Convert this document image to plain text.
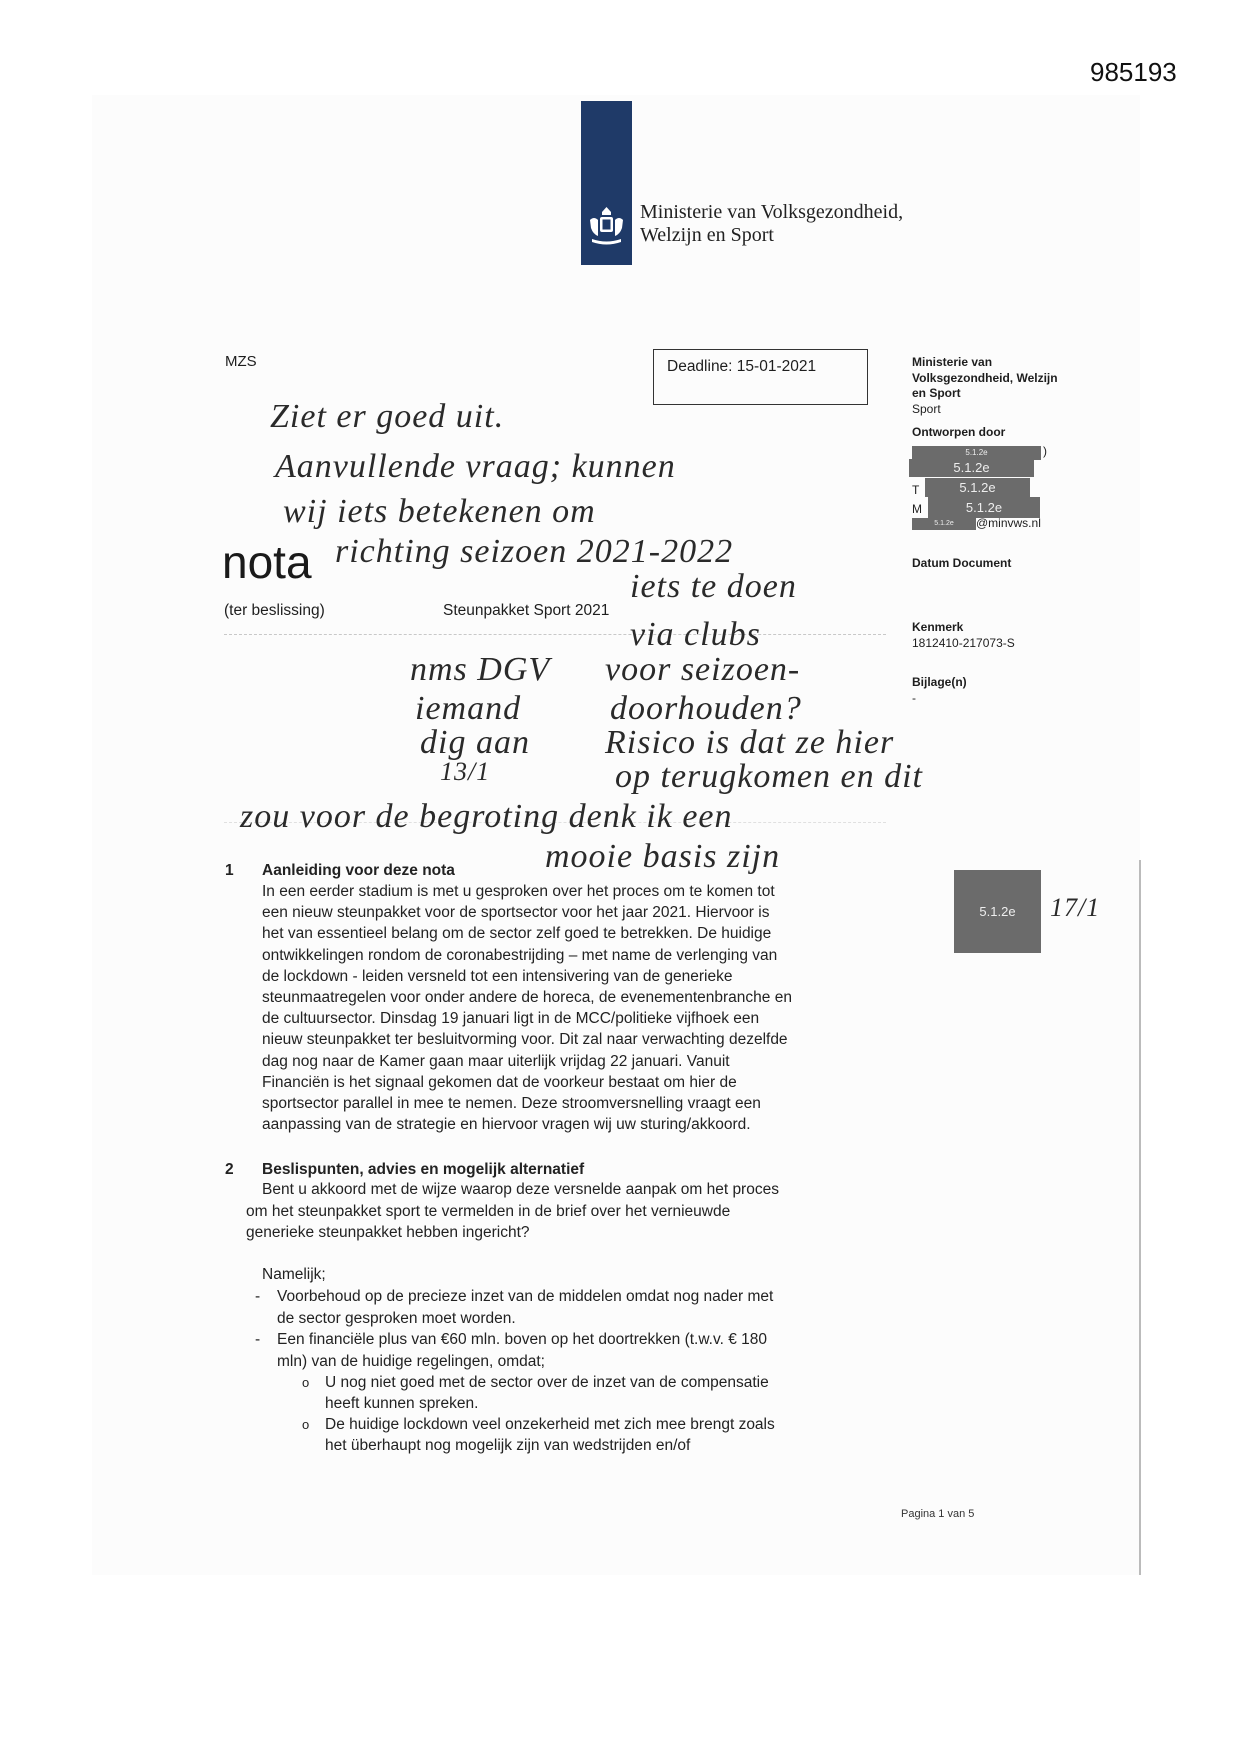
985193
Ministerie van Volksgezondheid,
Welzijn en Sport
MZS	Deadline: 15-01-2021	Ministerie van
Volksgezondheid, Welzijn
en Sport
Sport
Ontworpen door
5.1.2e	)
5.1.2e
T	5.1.2e
M	5.1.2e
5.1.2e	@minvws.nl
Datum Document
Kenmerk
1812410-217073-S
Bijlage(n)
-
nota
(ter beslissing)	Steunpakket Sport 2021
1 Aanleiding voor deze nota
In een eerder stadium is met u gesproken over het proces om te komen tot
een nieuw steunpakket voor de sportsector voor het jaar 2021. Hiervoor is
het van essentieel belang om de sector zelf goed te betrekken. De huidige
ontwikkelingen rondom de coronabestrijding – met name de verlenging van
de lockdown - leiden versneld tot een intensivering van de generieke
steunmaatregelen voor onder andere de horeca, de evenementenbranche en
de cultuursector. Dinsdag 19 januari ligt in de MCC/politieke vijfhoek een
nieuw steunpakket ter besluitvorming voor. Dit zal naar verwachting dezelfde
dag nog naar de Kamer gaan maar uiterlijk vrijdag 22 januari. Vanuit
Financiën is het signaal gekomen dat de voorkeur bestaat om hier de
sportsector parallel in mee te nemen. Deze stroomversnelling vraagt een
aanpassing van de strategie en hiervoor vragen wij uw sturing/akkoord.
2 Beslispunten, advies en mogelijk alternatief
Bent u akkoord met de wijze waarop deze versnelde aanpak om het proces
om het steunpakket sport te vermelden in de brief over het vernieuwde
generieke steunpakket hebben ingericht?
Namelijk;
- Voorbehoud op de precieze inzet van de middelen omdat nog nader met
de sector gesproken moet worden.
- Een financiële plus van €60 mln. boven op het doortrekken (t.w.v. € 180
mln) van de huidige regelingen, omdat;
o U nog niet goed met de sector over de inzet van de compensatie
heeft kunnen spreken.
o De huidige lockdown veel onzekerheid met zich mee brengt zoals
het überhaupt nog mogelijk zijn van wedstrijden en/of
5.1.2e
Ziet er goed uit.
Aanvullende vraag; kunnen
wij iets betekenen om
richting seizoen 2021-2022
iets te doen
via clubs
nms DGV voor seizoen-
iemand	doorhouden?
dig aan Risico is dat ze hier
13/1	op terugkomen en dit
zou voor de begroting denk ik een
mooie basis zijn
17/1
Pagina 1 van 5
